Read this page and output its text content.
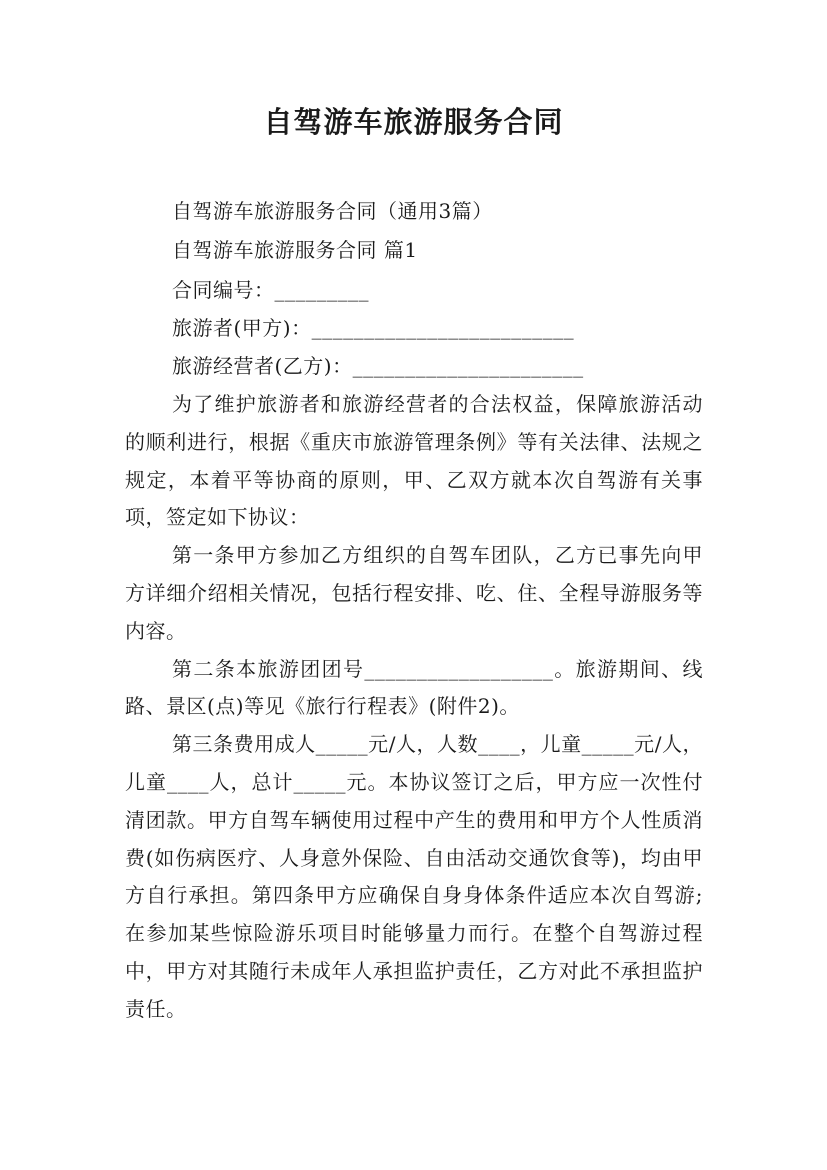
自驾游车旅游服务合同
自驾游车旅游服务合同（通用3篇）
自驾游车旅游服务合同 篇1
合同编号：_________
旅游者(甲方)：_________________________
旅游经营者(乙方)：______________________

为了维护旅游者和旅游经营者的合法权益，保障旅游活动的顺利进行，根据《重庆市旅游管理条例》等有关法律、法规之规定，本着平等协商的原则，甲、乙双方就本次自驾游有关事项，签定如下协议：

第一条甲方参加乙方组织的自驾车团队，乙方已事先向甲方详细介绍相关情况，包括行程安排、吃、住、全程导游服务等内容。

第二条本旅游团团号__________________。旅游期间、线路、景区(点)等见《旅行行程表》(附件2)。

第三条费用成人_____元/人，人数____，儿童_____元/人，儿童____人，总计_____元。本协议签订之后，甲方应一次性付清团款。甲方自驾车辆使用过程中产生的费用和甲方个人性质消费(如伤病医疗、人身意外保险、自由活动交通饮食等)，均由甲方自行承担。第四条甲方应确保自身身体条件适应本次自驾游;在参加某些惊险游乐项目时能够量力而行。在整个自驾游过程中，甲方对其随行未成年人承担监护责任，乙方对此不承担监护责任。
